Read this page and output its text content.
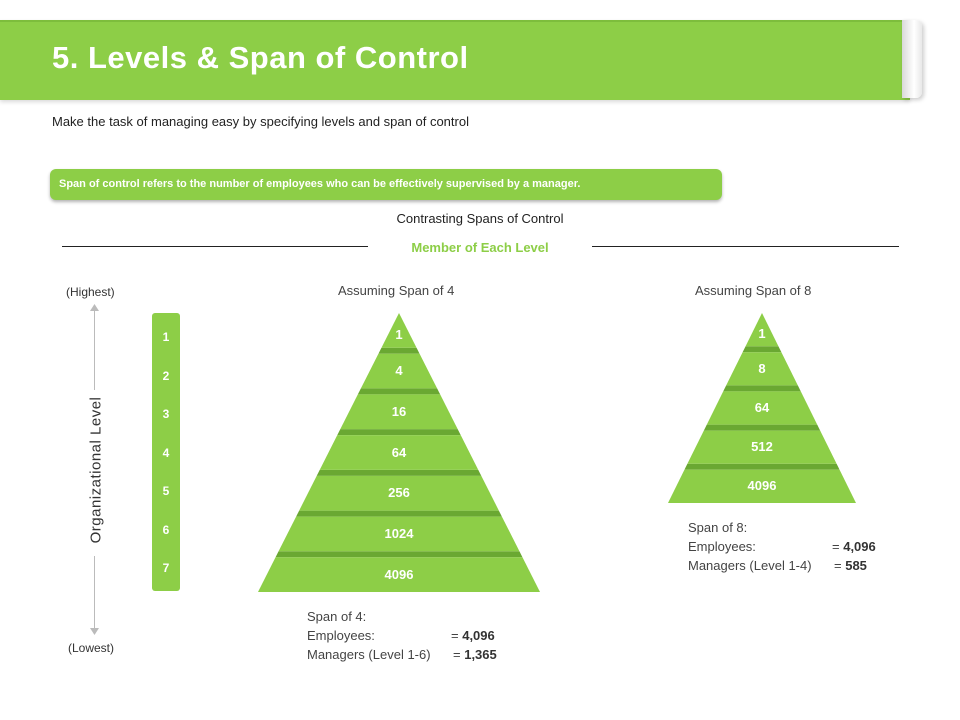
5. Levels & Span of Control
Make the task of managing easy by specifying levels and span of control
Span of control refers to the number of employees who can be effectively supervised by a manager.
Contrasting Spans of Control
Member of Each Level
(Highest)
(Lowest)
Organizational Level
1
2
3
4
5
6
7
Assuming Span of 4
1
4
16
64
256
1024
4096
Assuming Span of 8
1
8
64
512
4096
Span of 4:
Employees:	= 4,096
Managers (Level 1-6) = 1,365
Span of 8:
Employees:	= 4,096
Managers (Level 1-4) = 585
